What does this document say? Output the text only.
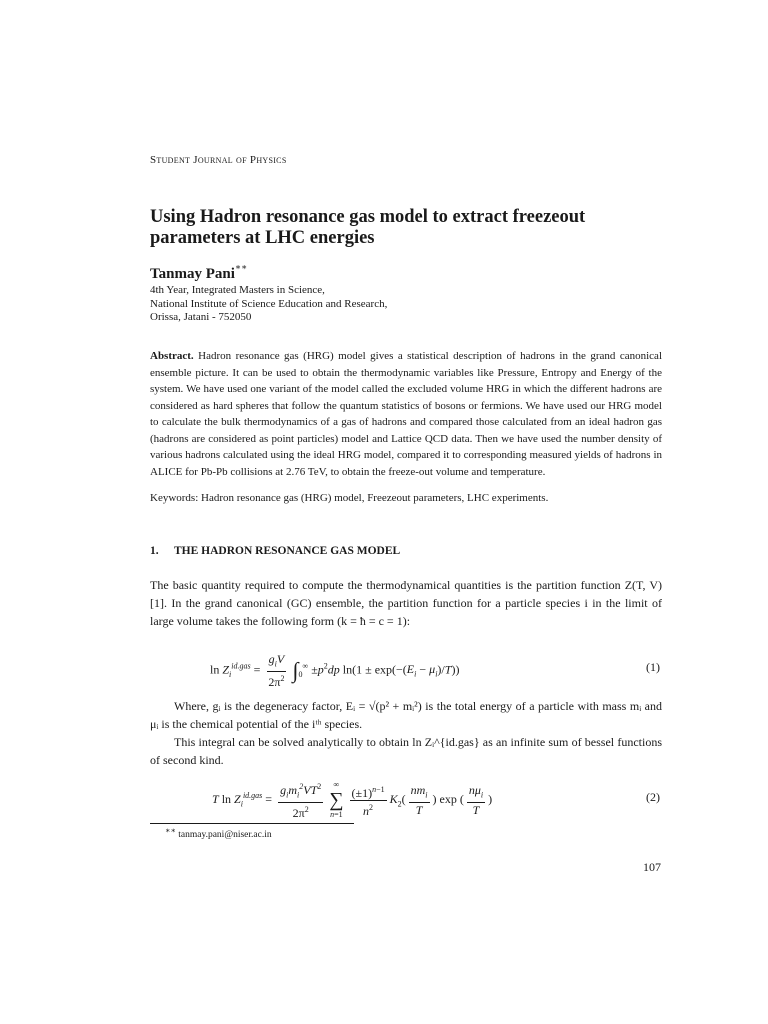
Student Journal of Physics
Using Hadron resonance gas model to extract freezeout parameters at LHC energies
Tanmay Pani∗∗
4th Year, Integrated Masters in Science,
National Institute of Science Education and Research,
Orissa, Jatani - 752050
Abstract. Hadron resonance gas (HRG) model gives a statistical description of hadrons in the grand canonical ensemble picture. It can be used to obtain the thermodynamic variables like Pressure, Entropy and Energy of the system. We have used one variant of the model called the excluded volume HRG in which the different hadrons are considered as hard spheres that follow the quantum statistics of bosons or fermions. We have used our HRG model to calculate the bulk thermodynamics of a gas of hadrons and compared those calculated from an ideal hadron gas (hadrons are considered as point particles) model and Lattice QCD data. Then we have used the number density of various hadrons calculated using the ideal HRG model, compared it to corresponding measured yields of hadrons in ALICE for Pb-Pb collisions at 2.76 TeV, to obtain the freeze-out volume and temperature.
Keywords: Hadron resonance gas (HRG) model, Freezeout parameters, LHC experiments.
1. THE HADRON RESONANCE GAS MODEL
The basic quantity required to compute the thermodynamical quantities is the partition function Z(T, V) [1]. In the grand canonical (GC) ensemble, the partition function for a particle species i in the limit of large volume takes the following form (k = ħ = c = 1):
$\ln Z_i^{id.gas} = \frac{g_iV}{2\pi^2} \int_0^\infty \pm p^2dp$ $\ln(1 \pm \exp(-(E_i - \mu_i)/T))$	(1)
Where, gᵢ is the degeneracy factor, Eᵢ = √(p² + mᵢ²) is the total energy of a particle with mass mᵢ and μᵢ is the chemical potential of the iᵗʰ species.
This integral can be solved analytically to obtain ln Zᵢ^{id.gas} as an infinite sum of bessel functions of second kind.
T $\ln Z_i^{id.gas} = \frac{g_im_i^2VT^2}{2\pi^2}$
∞
∑
n=1
$\frac{(\pm 1)^{n-1}}{n^2} K_2( \frac{nm_i}{T}$ ) exp ( $\frac{n\mu_i}{T}$ )	(2)
∗∗ tanmay.pani@niser.ac.in
107
